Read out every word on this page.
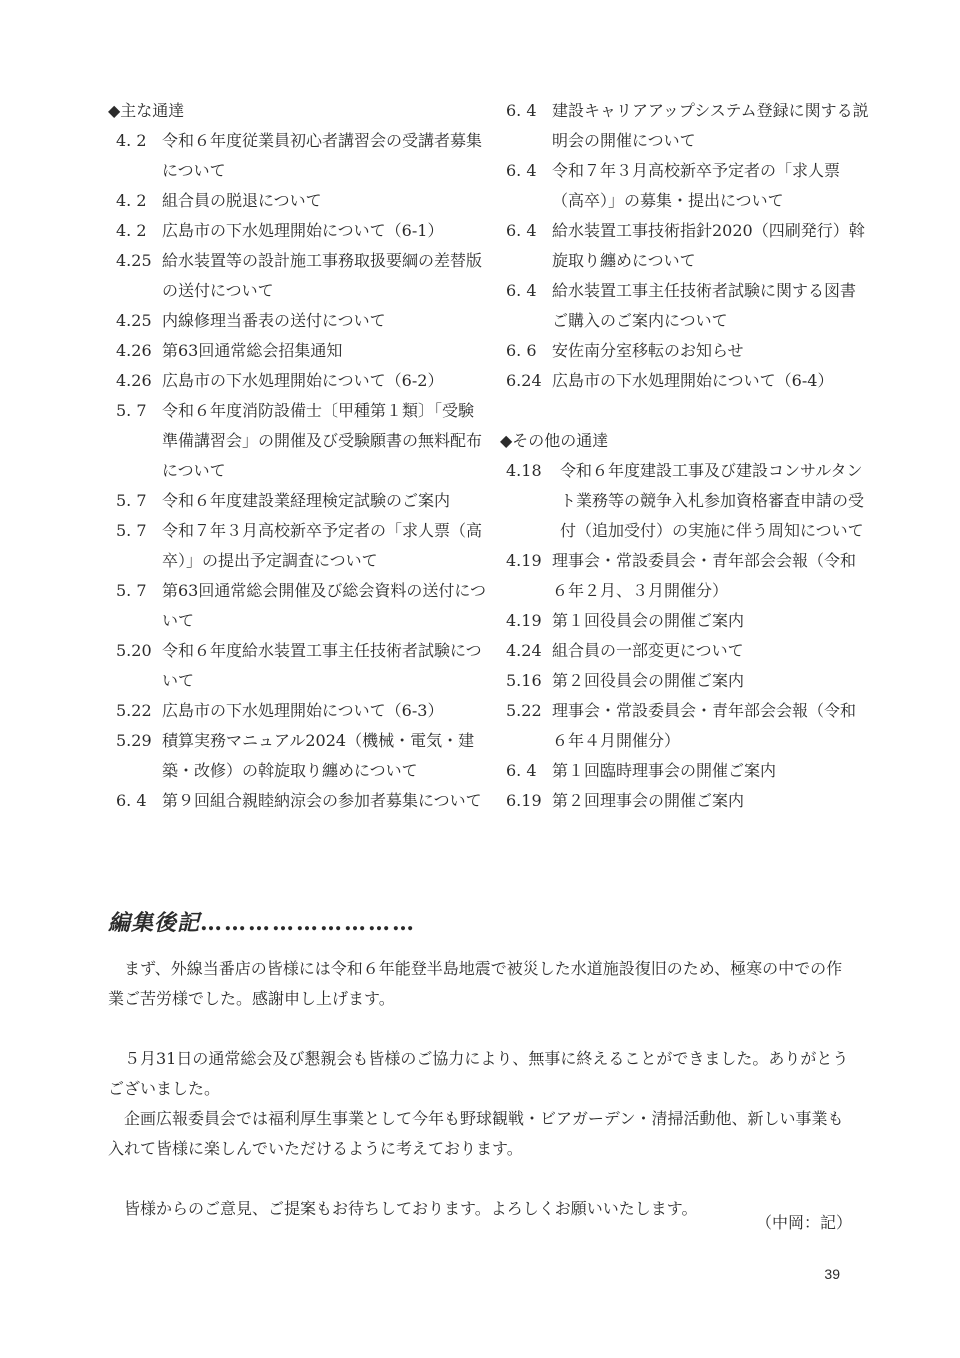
◆主な通達
4. 2 令和６年度従業員初心者講習会の受講者募集について
4. 2 組合員の脱退について
4. 2 広島市の下水処理開始について（6-1）
4.25 給水装置等の設計施工事務取扱要綱の差替版の送付について
4.25 内線修理当番表の送付について
4.26 第63回通常総会招集通知
4.26 広島市の下水処理開始について（6-2）
5. 7 令和６年度消防設備士〔甲種第１類〕「受験準備講習会」の開催及び受験願書の無料配布について
5. 7 令和６年度建設業経理検定試験のご案内
5. 7 令和７年３月高校新卒予定者の「求人票（高卒）」の提出予定調査について
5. 7 第63回通常総会開催及び総会資料の送付について
5.20 令和６年度給水装置工事主任技術者試験について
5.22 広島市の下水処理開始について（6-3）
5.29 積算実務マニュアル2024（機械・電気・建築・改修）の斡旋取り纏めについて
6. 4 第９回組合親睦納涼会の参加者募集について
6. 4 建設キャリアアップシステム登録に関する説明会の開催について
6. 4 令和７年３月高校新卒予定者の「求人票（高卒）」の募集・提出について
6. 4 給水装置工事技術指針2020（四刷発行）斡旋取り纏めについて
6. 4 給水装置工事主任技術者試験に関する図書ご購入のご案内について
6. 6 安佐南分室移転のお知らせ
6.24 広島市の下水処理開始について（6-4）
◆その他の通達
4.18	令和６年度建設工事及び建設コンサルタント業務等の競争入札参加資格審査申請の受付（追加受付）の実施に伴う周知について
4.19 理事会・常設委員会・青年部会会報（令和６年２月、３月開催分）
4.19 第１回役員会の開催ご案内
4.24 組合員の一部変更について
5.16 第２回役員会の開催ご案内
5.22 理事会・常設委員会・青年部会会報（令和６年４月開催分）
6. 4 第１回臨時理事会の開催ご案内
6.19 第２回理事会の開催ご案内
編集後記………………………

まず、外線当番店の皆様には令和６年能登半島地震で被災した水道施設復旧のため、極寒の中での作業ご苦労様でした。感謝申し上げます。

５月31日の通常総会及び懇親会も皆様のご協力により、無事に終えることができました。ありがとうございました。

企画広報委員会では福利厚生事業として今年も野球観戦・ビアガーデン・清掃活動他、新しい事業も入れて皆様に楽しんでいただけるように考えております。

皆様からのご意見、ご提案もお待ちしております。よろしくお願いいたします。

（中岡：記）
39
